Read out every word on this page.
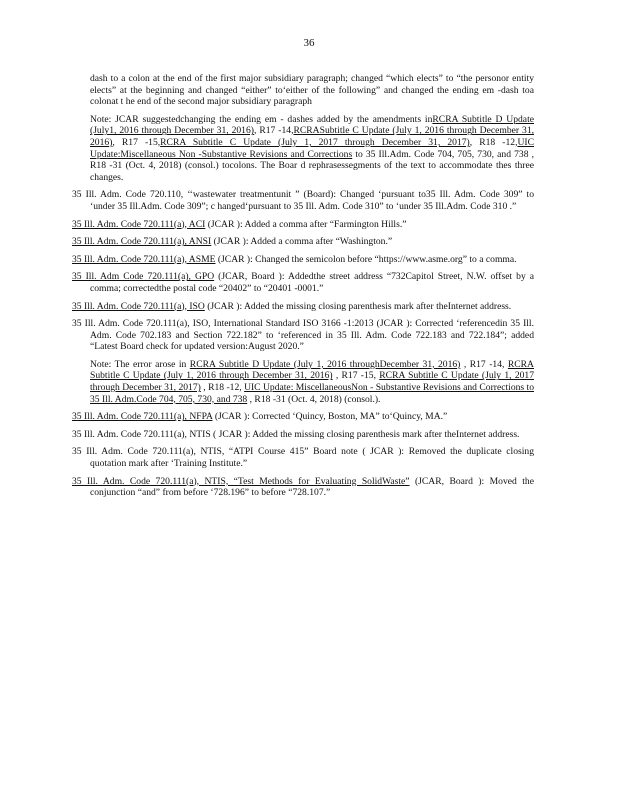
36

dash to a colon at the end of the first major subsidiary paragraph; changed “which elects” to “the personor entity elects” at the beginning and changed “either” to‘either of the following” and changed the ending em -dash toa colonat t he end of the second major subsidiary paragraph

Note: JCAR suggestedchanging the ending em - dashes added by the amendments inRCRA Subtitle D Update (July1, 2016 through December 31, 2016), R17 -14,RCRASubtitle C Update (July 1, 2016 through December 31, 2016), R17 -15,RCRA Subtitle C Update (July 1, 2017 through December 31, 2017), R18 -12,UIC Update:Miscellaneous Non -Substantive Revisions and Corrections to 35 Ill.Adm. Code 704, 705, 730, and 738 , R18 -31 (Oct. 4, 2018) (consol.) tocolons. The Boar d rephrasessegments of the text to accommodate thes three changes.
35 Ill. Adm. Code 720.110, ‘‘wastewater treatmentunit ” (Board): Changed ‘pursuant to35 Ill. Adm. Code 309” to ‘under 35 Ill.Adm. Code 309”; c hanged‘pursuant to 35 Ill. Adm. Code 310” to ‘under 35 Ill.Adm. Code 310 .”
35 Ill. Adm. Code 720.111(a), ACI (JCAR ): Added a comma after “Farmington Hills.”
35 Ill. Adm. Code 720.111(a), ANSI (JCAR ): Added a comma after “Washington.”
35 Ill. Adm. Code 720.111(a), ASME (JCAR ): Changed the semicolon before “https://www.asme.org” to a comma.
35 Ill. Adm Code 720.111(a), GPO (JCAR, Board ): Addedthe street address “732Capitol Street, N.W. offset by a comma; correctedthe postal code “20402” to “20401 -0001.”
35 Ill. Adm. Code 720.111(a), ISO (JCAR ): Added the missing closing parenthesis mark after theInternet address.
35 Ill. Adm. Code 720.111(a), ISO, International Standard ISO 3166 -1:2013 (JCAR ): Corrected ‘referencedin 35 Ill. Adm. Code 702.183 and Section 722.182” to ‘referenced in 35 Ill. Adm. Code 722.183 and 722.184”; added “Latest Board check for updated version:August 2020.”
Note: The error arose in RCRA Subtitle D Update (July 1, 2016 throughDecember 31, 2016) , R17 -14, RCRA Subtitle C Update (July 1, 2016 through December 31, 2016) , R17 -15, RCRA Subtitle C Update (July 1, 2017 through December 31, 2017) , R18 -12, UIC Update: MiscellaneousNon - Substantive Revisions and Corrections to 35 Ill. Adm.Code 704, 705, 730, and 738 , R18 -31 (Oct. 4, 2018) (consol.).
35 Ill. Adm. Code 720.111(a), NFPA (JCAR ): Corrected ‘Quincy, Boston, MA” to‘Quincy, MA.”
35 Ill. Adm. Code 720.111(a), NTIS ( JCAR ): Added the missing closing parenthesis mark after theInternet address.
35 Ill. Adm. Code 720.111(a), NTIS, “ATPI Course 415” Board note ( JCAR ): Removed the duplicate closing quotation mark after ‘Training Institute.”
35 Ill. Adm. Code 720.111(a), NTIS, “Test Methods for Evaluating SolidWaste” (JCAR, Board ): Moved the conjunction “and” from before ‘728.196” to before “728.107.”
